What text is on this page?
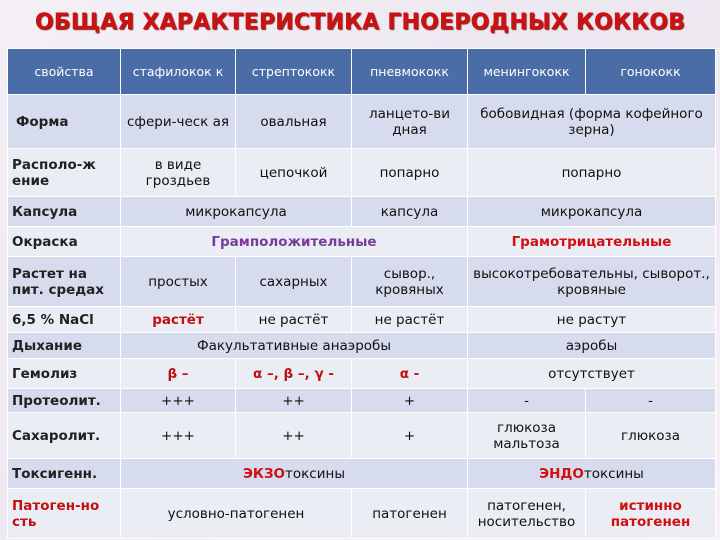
ОБЩАЯ ХАРАКТЕРИСТИКА ГНОЕРОДНЫХ КОККОВ
свойства	стафилокок к	стрептококк	пневмококк	менингококк	гонококк
Форма	сфери-ческ ая	овальная	ланцето-ви дная	бобовидная (форма кофейного зерна)	
Располо-ж ение	в виде гроздьев	цепочкой	попарно	попарно	
Капсула	микрокапсула		капсула	микрокапсула	
Окраска	Грамположительные			Грамотрицательные	
Растет на пит. средах	простых	сахарных	сывор., кровяных	высокотребовательны, сыворот., кровяные	
6,5 % NaCl	растёт	не растёт	не растёт	не растут	
Дыхание	Факультативные анаэробы			аэробы	
Гемолиз	β –	α –, β –, γ -	α -	отсутствует	
Протеолит.	+++	++	+	-	-
Сахаролит.	+++	++	+	глюкоза мальтоза	глюкоза
Токсигенн.	ЭКЗОтоксины			ЭНДОтоксины	
Патоген-но сть	условно-патогенен		патогенен	патогенен, носительство	истинно патогенен
